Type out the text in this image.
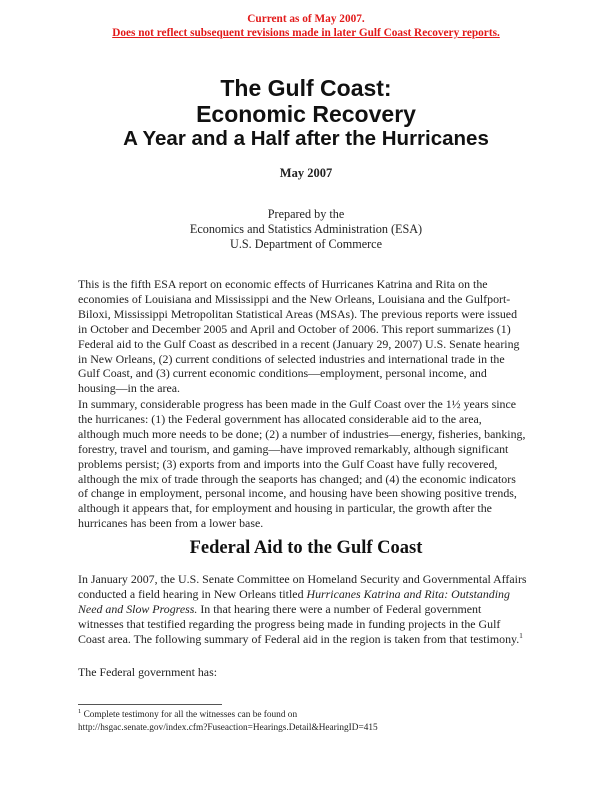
Current as of May 2007.
Does not reflect subsequent revisions made in later Gulf Coast Recovery reports.
The Gulf Coast:
Economic Recovery
A Year and a Half after the Hurricanes
May 2007
Prepared by the
Economics and Statistics Administration (ESA)
U.S. Department of Commerce
This is the fifth ESA report on economic effects of Hurricanes Katrina and Rita on the
economies of Louisiana and Mississippi and the New Orleans, Louisiana and the Gulfport-
Biloxi, Mississippi Metropolitan Statistical Areas (MSAs). The previous reports were issued
in October and December 2005 and April and October of 2006. This report summarizes (1)
Federal aid to the Gulf Coast as described in a recent (January 29, 2007) U.S. Senate hearing
in New Orleans, (2) current conditions of selected industries and international trade in the
Gulf Coast, and (3) current economic conditions—employment, personal income, and
housing—in the area.
In summary, considerable progress has been made in the Gulf Coast over the 1½ years since
the hurricanes: (1) the Federal government has allocated considerable aid to the area,
although much more needs to be done; (2) a number of industries—energy, fisheries, banking,
forestry, travel and tourism, and gaming—have improved remarkably, although significant
problems persist; (3) exports from and imports into the Gulf Coast have fully recovered,
although the mix of trade through the seaports has changed; and (4) the economic indicators
of change in employment, personal income, and housing have been showing positive trends,
although it appears that, for employment and housing in particular, the growth after the
hurricanes has been from a lower base.
Federal Aid to the Gulf Coast
In January 2007, the U.S. Senate Committee on Homeland Security and Governmental Affairs
conducted a field hearing in New Orleans titled Hurricanes Katrina and Rita: Outstanding
Need and Slow Progress. In that hearing there were a number of Federal government
witnesses that testified regarding the progress being made in funding projects in the Gulf
Coast area. The following summary of Federal aid in the region is taken from that testimony.$^1$
The Federal government has:
$^1$ Complete testimony for all the witnesses can be found on
http://hsgac.senate.gov/index.cfm?Fuseaction=Hearings.Detail&HearingID=415
